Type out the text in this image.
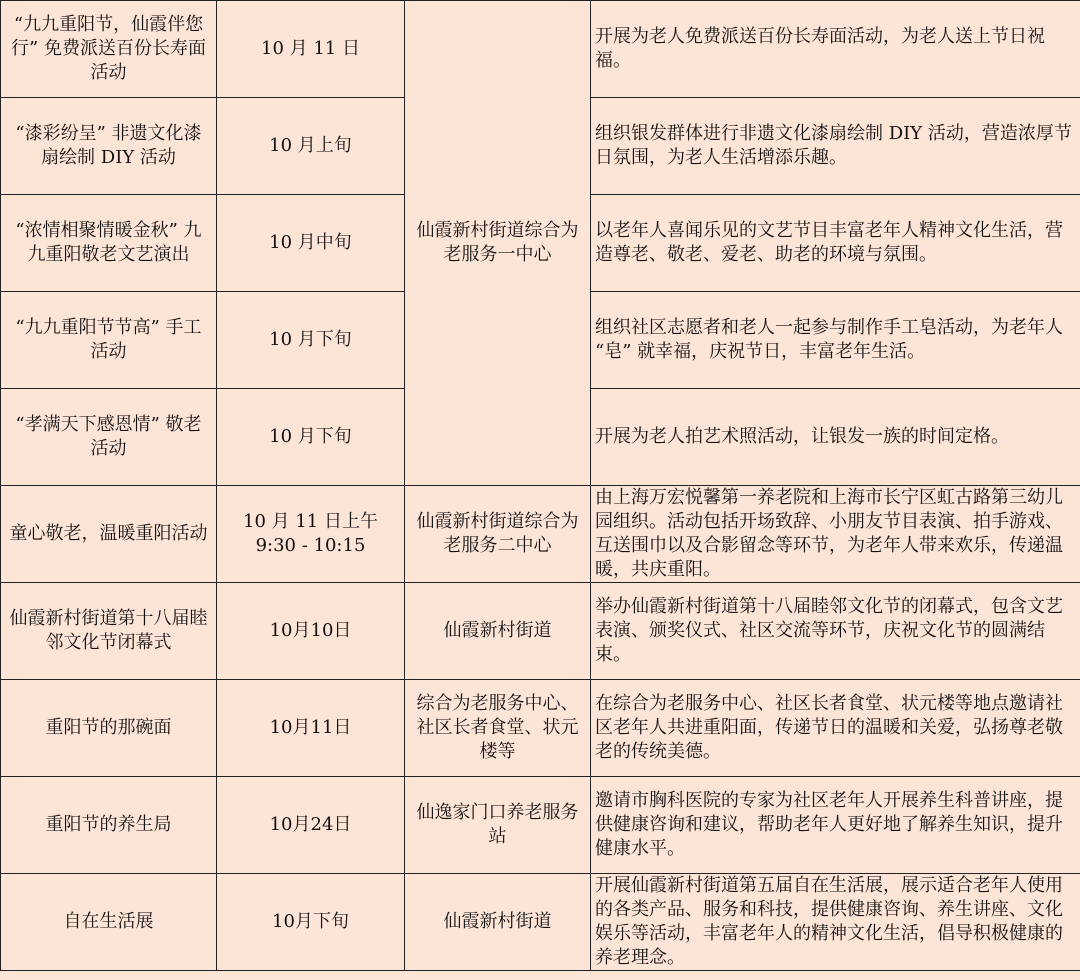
“九九重阳节，仙霞伴您行” 免费派送百份长寿面活动	10 月 11 日	仙霞新村街道综合为老服务一中心	开展为老人免费派送百份长寿面活动，为老人送上节日祝福。
“漆彩纷呈” 非遗文化漆扇绘制 DIY 活动	10 月上旬		组织银发群体进行非遗文化漆扇绘制 DIY 活动，营造浓厚节日氛围，为老人生活增添乐趣。
“浓情相聚情暖金秋” 九九重阳敬老文艺演出	10 月中旬		以老年人喜闻乐见的文艺节目丰富老年人精神文化生活，营造尊老、敬老、爱老、助老的环境与氛围。
“九九重阳节节高” 手工活动	10 月下旬		组织社区志愿者和老人一起参与制作手工皂活动，为老年人 “皂” 就幸福，庆祝节日，丰富老年生活。
“孝满天下感恩情” 敬老活动	10 月下旬		开展为老人拍艺术照活动，让银发一族的时间定格。
童心敬老，温暖重阳活动	10 月 11 日上午 9:30 - 10:15	仙霞新村街道综合为老服务二中心	由上海万宏悦馨第一养老院和上海市长宁区虹古路第三幼儿园组织。活动包括开场致辞、小朋友节目表演、拍手游戏、互送围巾以及合影留念等环节，为老年人带来欢乐，传递温暖，共庆重阳。
仙霞新村街道第十八届睦邻文化节闭幕式	10月10日	仙霞新村街道	举办仙霞新村街道第十八届睦邻文化节的闭幕式，包含文艺表演、颁奖仪式、社区交流等环节，庆祝文化节的圆满结束。
重阳节的那碗面	10月11日	综合为老服务中心、社区长者食堂、状元楼等	在综合为老服务中心、社区长者食堂、状元楼等地点邀请社区老年人共进重阳面，传递节日的温暖和关爱，弘扬尊老敬老的传统美德。
重阳节的养生局	10月24日	仙逸家门口养老服务站	邀请市胸科医院的专家为社区老年人开展养生科普讲座，提供健康咨询和建议，帮助老年人更好地了解养生知识，提升健康水平。
自在生活展	10月下旬	仙霞新村街道	开展仙霞新村街道第五届自在生活展，展示适合老年人使用的各类产品、服务和科技，提供健康咨询、养生讲座、文化娱乐等活动，丰富老年人的精神文化生活，倡导积极健康的养老理念。
